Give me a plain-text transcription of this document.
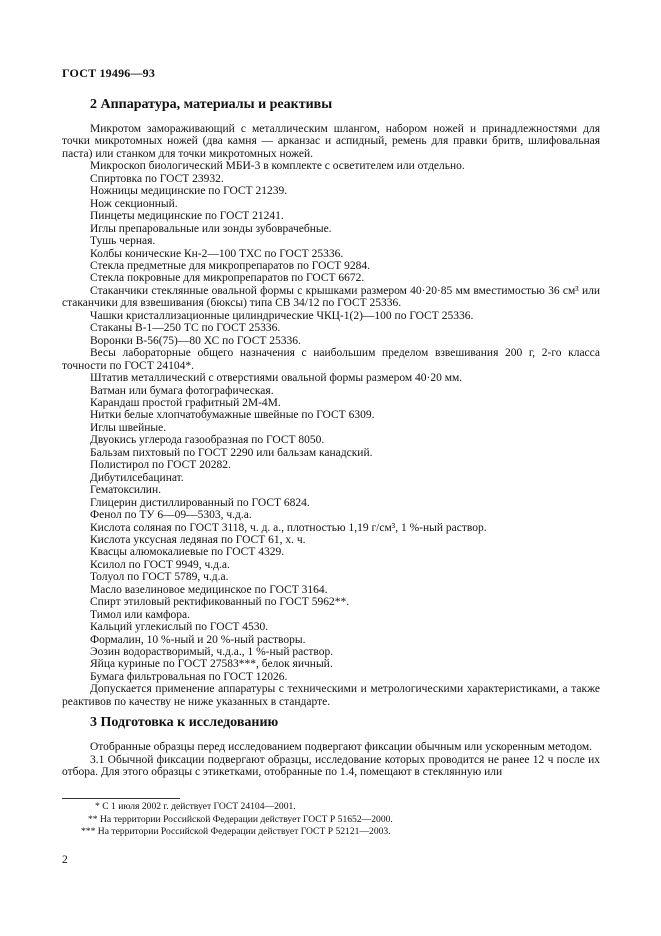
ГОСТ 19496—93
2 Аппаратура, материалы и реактивы

Микротом замораживающий с металлическим шлангом, набором ножей и принадлежностями для точки микротомных ножей (два камня — арканзас и аспидный, ремень для правки бритв, шлифовальная паста) или станком для точки микротомных ножей.

Микроскоп биологический МБИ-3 в комплекте с осветителем или отдельно.

Спиртовка по ГОСТ 23932.

Ножницы медицинские по ГОСТ 21239.

Нож секционный.

Пинцеты медицинские по ГОСТ 21241.

Иглы препаровальные или зонды зубоврачебные.

Тушь черная.

Колбы конические Кн-2—100 ТХС по ГОСТ 25336.

Стекла предметные для микропрепаратов по ГОСТ 9284.

Стекла покровные для микропрепаратов по ГОСТ 6672.

Стаканчики стеклянные овальной формы с крышками размером 40·20·85 мм вместимостью 36 см³ или стаканчики для взвешивания (бюксы) типа СВ 34/12 по ГОСТ 25336.

Чашки кристаллизационные цилиндрические ЧКЦ-1(2)—100 по ГОСТ 25336.

Стаканы В-1—250 ТС по ГОСТ 25336.

Воронки В-56(75)—80 ХС по ГОСТ 25336.

Весы лабораторные общего назначения с наибольшим пределом взвешивания 200 г, 2-го класса точности по ГОСТ 24104*.

Штатив металлический с отверстиями овальной формы размером 40·20 мм.

Ватман или бумага фотографическая.

Карандаш простой графитный 2М-4М.

Нитки белые хлопчатобумажные швейные по ГОСТ 6309.

Иглы швейные.

Двуокись углерода газообразная по ГОСТ 8050.

Бальзам пихтовый по ГОСТ 2290 или бальзам канадский.

Полистирол по ГОСТ 20282.

Дибутилсебацинат.

Гематоксилин.

Глицерин дистиллированный по ГОСТ 6824.

Фенол по ТУ 6—09—5303, ч.д.а.

Кислота соляная по ГОСТ 3118, ч. д. а., плотностью 1,19 г/см³, 1 %-ный раствор.

Кислота уксусная ледяная по ГОСТ 61, х. ч.

Квасцы алюмокалиевые по ГОСТ 4329.

Ксилол по ГОСТ 9949, ч.д.а.

Толуол по ГОСТ 5789, ч.д.а.

Масло вазелиновое медицинское по ГОСТ 3164.

Спирт этиловый ректификованный по ГОСТ 5962**.

Тимол или камфора.

Кальций углекислый по ГОСТ 4530.

Формалин, 10 %-ный и 20 %-ный растворы.

Эозин водорастворимый, ч.д.а., 1 %-ный раствор.

Яйца куриные по ГОСТ 27583***, белок яичный.

Бумага фильтровальная по ГОСТ 12026.

Допускается применение аппаратуры с техническими и метрологическими характеристиками, а также реактивов по качеству не ниже указанных в стандарте.

3 Подготовка к исследованию

Отобранные образцы перед исследованием подвергают фиксации обычным или ускоренным методом.

3.1 Обычной фиксации подвергают образцы, исследование которых проводится не ранее 12 ч после их отбора. Для этого образцы с этикетками, отобранные по 1.4, помещают в стеклянную или

* С 1 июля 2002 г. действует ГОСТ 24104—2001.
** На территории Российской Федерации действует ГОСТ Р 51652—2000.
*** На территории Российской Федерации действует ГОСТ Р 52121—2003.
2
